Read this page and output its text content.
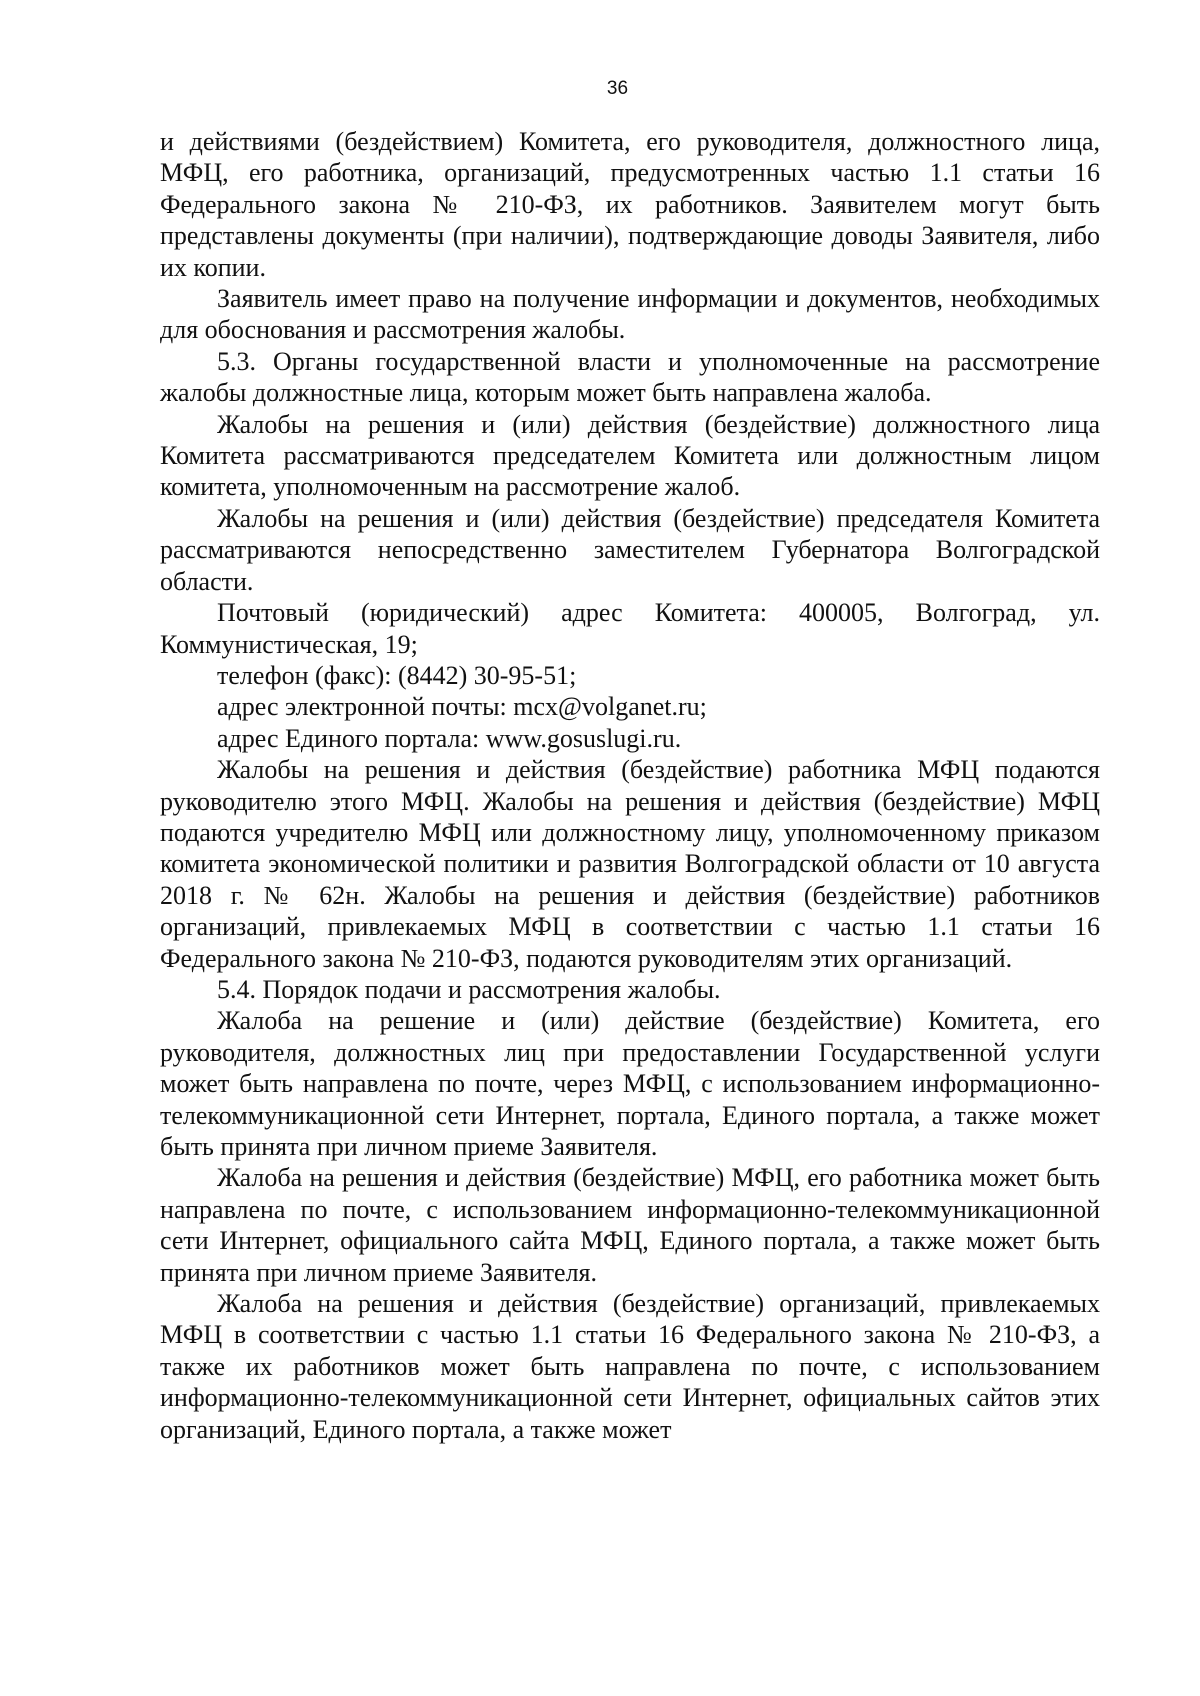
36

и действиями (бездействием) Комитета, его руководителя, должностного лица, МФЦ, его работника, организаций, предусмотренных частью 1.1 статьи 16 Федерального закона № 210-ФЗ, их работников. Заявителем могут быть представлены документы (при наличии), подтверждающие доводы Заявителя, либо их копии.

Заявитель имеет право на получение информации и документов, необходимых для обоснования и рассмотрения жалобы.

5.3. Органы государственной власти и уполномоченные на рассмотрение жалобы должностные лица, которым может быть направлена жалоба.

Жалобы на решения и (или) действия (бездействие) должностного лица Комитета рассматриваются председателем Комитета или должностным лицом комитета, уполномоченным на рассмотрение жалоб.

Жалобы на решения и (или) действия (бездействие) председателя Комитета рассматриваются непосредственно заместителем Губернатора Волгоградской области.

Почтовый (юридический) адрес Комитета: 400005, Волгоград, ул. Коммунистическая, 19;

телефон (факс): (8442) 30-95-51;

адрес электронной почты: mcx@volganet.ru;

адрес Единого портала: www.gosuslugi.ru.

Жалобы на решения и действия (бездействие) работника МФЦ подаются руководителю этого МФЦ. Жалобы на решения и действия (бездействие) МФЦ подаются учредителю МФЦ или должностному лицу, уполномоченному приказом комитета экономической политики и развития Волгоградской области от 10 августа 2018 г. № 62н. Жалобы на решения и действия (бездействие) работников организаций, привлекаемых МФЦ в соответствии с частью 1.1 статьи 16 Федерального закона № 210-ФЗ, подаются руководителям этих организаций.

5.4. Порядок подачи и рассмотрения жалобы.

Жалоба на решение и (или) действие (бездействие) Комитета, его руководителя, должностных лиц при предоставлении Государственной услуги может быть направлена по почте, через МФЦ, с использованием информационно-телекоммуникационной сети Интернет, портала, Единого портала, а также может быть принята при личном приеме Заявителя.

Жалоба на решения и действия (бездействие) МФЦ, его работника может быть направлена по почте, с использованием информационно-телекоммуникационной сети Интернет, официального сайта МФЦ, Единого портала, а также может быть принята при личном приеме Заявителя.

Жалоба на решения и действия (бездействие) организаций, привлекаемых МФЦ в соответствии с частью 1.1 статьи 16 Федерального закона № 210-ФЗ, а также их работников может быть направлена по почте, с использованием информационно-телекоммуникационной сети Интернет, официальных сайтов этих организаций, Единого портала, а также может
